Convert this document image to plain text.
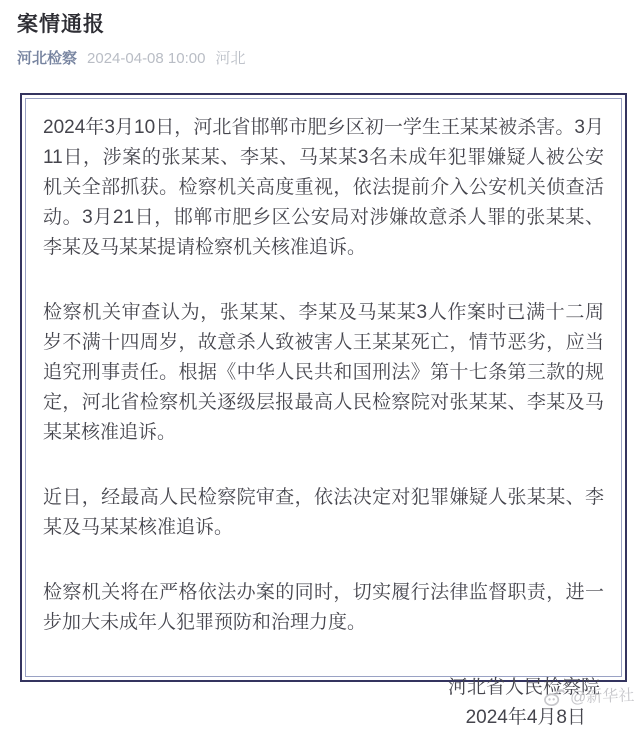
案情通报
河北检察 2024-04-08 10:00 河北

2024年3月10日，河北省邯郸市肥乡区初一学生王某某被杀害。3月11日，涉案的张某某、李某、马某某3名未成年犯罪嫌疑人被公安机关全部抓获。检察机关高度重视，依法提前介入公安机关侦查活动。3月21日，邯郸市肥乡区公安局对涉嫌故意杀人罪的张某某、李某及马某某提请检察机关核准追诉。

检察机关审查认为，张某某、李某及马某某3人作案时已满十二周岁不满十四周岁，故意杀人致被害人王某某死亡，情节恶劣，应当追究刑事责任。根据《中华人民共和国刑法》第十七条第三款的规定，河北省检察机关逐级层报最高人民检察院对张某某、李某及马某某核准追诉。

近日，经最高人民检察院审查，依法决定对犯罪嫌疑人张某某、李某及马某某核准追诉。

检察机关将在严格依法办案的同时，切实履行法律监督职责，进一步加大未成年人犯罪预防和治理力度。

河北省人民检察院

2024年4月8日

@新华社
